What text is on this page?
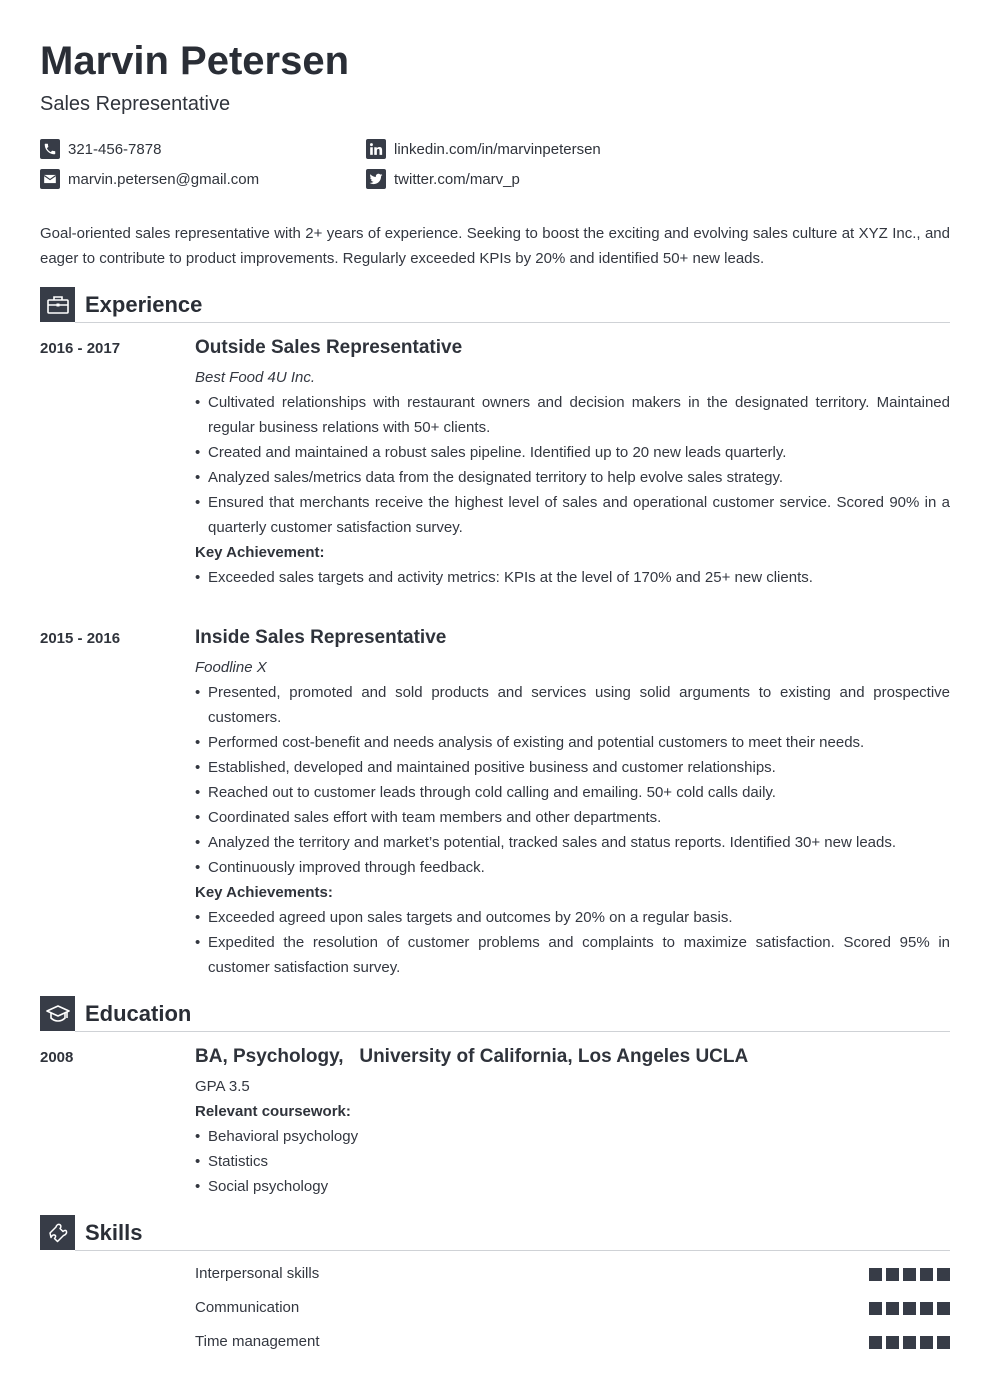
Marvin Petersen
Sales Representative
321-456-7878
marvin.petersen@gmail.com
linkedin.com/in/marvinpetersen
twitter.com/marv_p

Goal-oriented sales representative with 2+ years of experience. Seeking to boost the exciting and evolving sales culture at XYZ Inc., and eager to contribute to product improvements. Regularly exceeded KPIs by 20% and identified 50+ new leads.

Experience
2016 - 2017	Outside Sales Representative
Best Food 4U Inc.
• Cultivated relationships with restaurant owners and decision makers in the designated territory. Maintained regular business relations with 50+ clients.
• Created and maintained a robust sales pipeline. Identified up to 20 new leads quarterly.
• Analyzed sales/metrics data from the designated territory to help evolve sales strategy.
• Ensured that merchants receive the highest level of sales and operational customer service. Scored 90% in a quarterly customer satisfaction survey.
Key Achievement:
• Exceeded sales targets and activity metrics: KPIs at the level of 170% and 25+ new clients.
2015 - 2016	Inside Sales Representative
Foodline X
• Presented, promoted and sold products and services using solid arguments to existing and prospective customers.
• Performed cost-benefit and needs analysis of existing and potential customers to meet their needs.
• Established, developed and maintained positive business and customer relationships.
• Reached out to customer leads through cold calling and emailing. 50+ cold calls daily.
• Coordinated sales effort with team members and other departments.
• Analyzed the territory and market’s potential, tracked sales and status reports. Identified 30+ new leads.
• Continuously improved through feedback.
Key Achievements:
• Exceeded agreed upon sales targets and outcomes by 20% on a regular basis.
• Expedited the resolution of customer problems and complaints to maximize satisfaction. Scored 95% in customer satisfaction survey.
Education
2008	BA, Psychology, University of California, Los Angeles UCLA
GPA 3.5
Relevant coursework:
• Behavioral psychology
• Statistics
• Social psychology
Skills
Interpersonal skills
Communication
Time management
